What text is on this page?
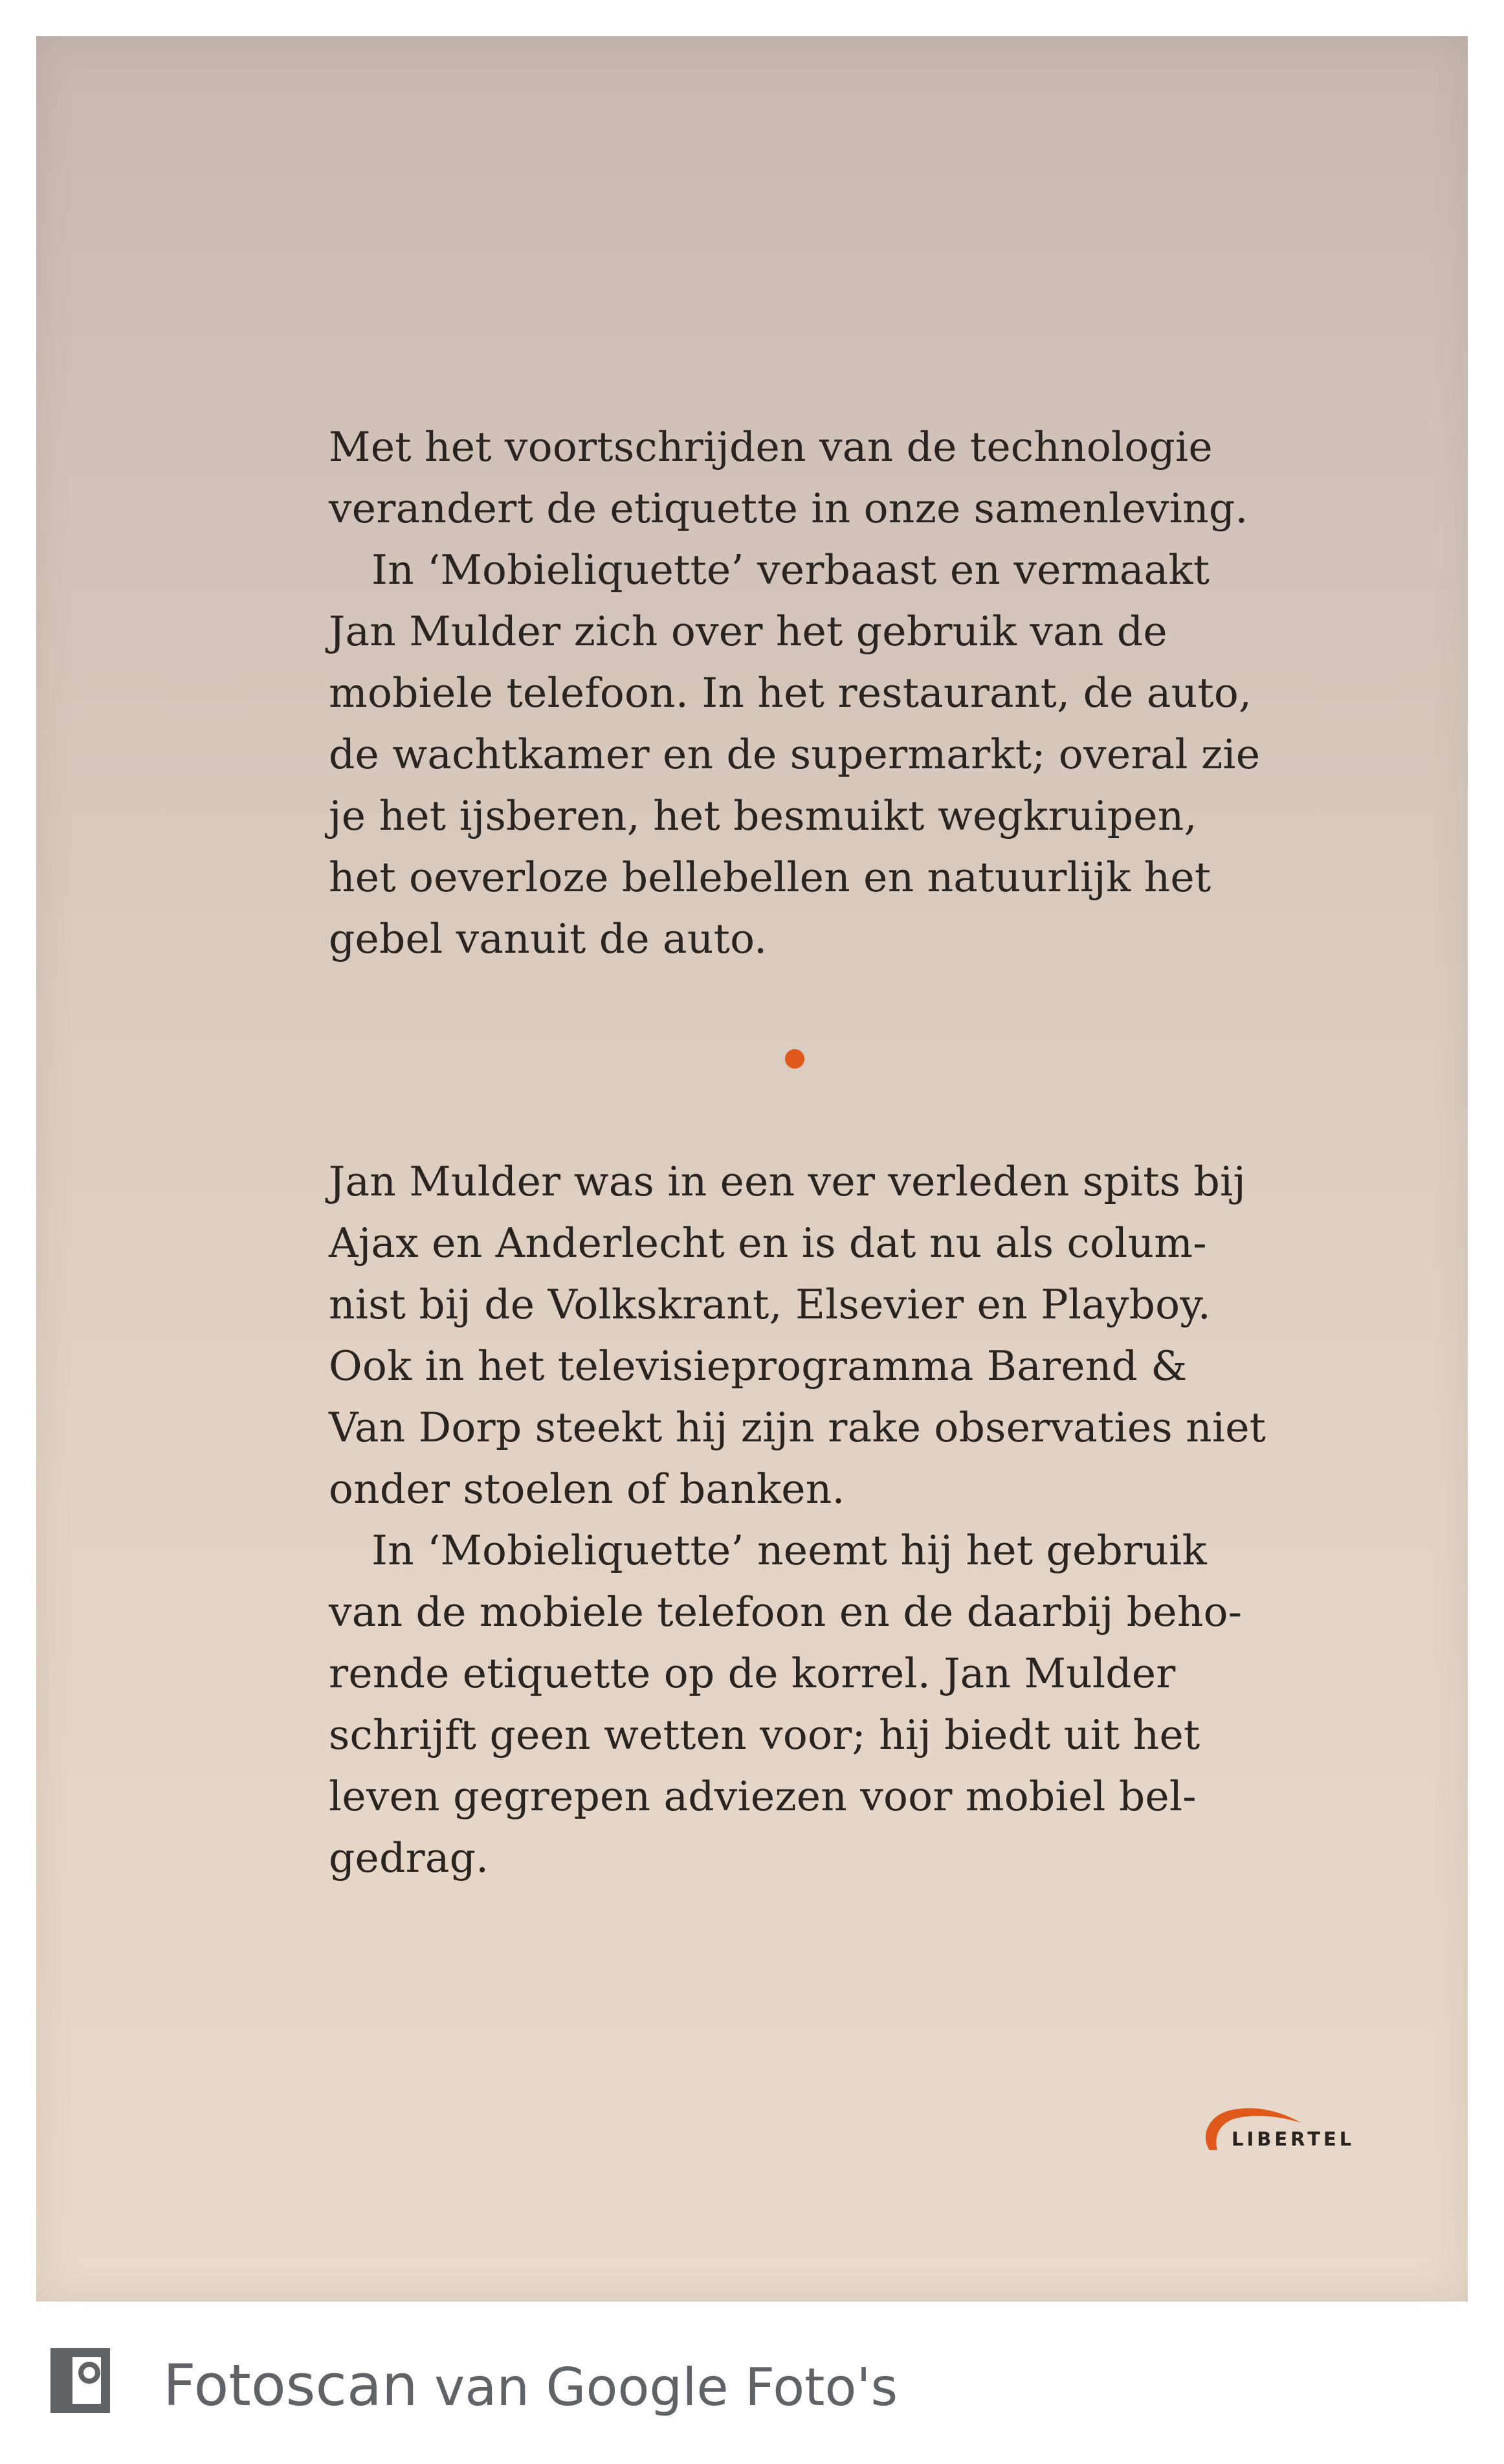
Met het voortschrijden van de technologie
verandert de etiquette in onze samenleving.
In ‘Mobieliquette’ verbaast en vermaakt
Jan Mulder zich over het gebruik van de
mobiele telefoon. In het restaurant, de auto,
de wachtkamer en de supermarkt; overal zie
je het ijsberen, het besmuikt wegkruipen,
het oeverloze bellebellen en natuurlijk het
gebel vanuit de auto.
Jan Mulder was in een ver verleden spits bij
Ajax en Anderlecht en is dat nu als colum-
nist bij de Volkskrant, Elsevier en Playboy.
Ook in het televisieprogramma Barend &
Van Dorp steekt hij zijn rake observaties niet
onder stoelen of banken.
In ‘Mobieliquette’ neemt hij het gebruik
van de mobiele telefoon en de daarbij beho-
rende etiquette op de korrel. Jan Mulder
schrijft geen wetten voor; hij biedt uit het
leven gegrepen adviezen voor mobiel bel-
gedrag.
LIBERTEL
Fotoscan van Google Foto's
